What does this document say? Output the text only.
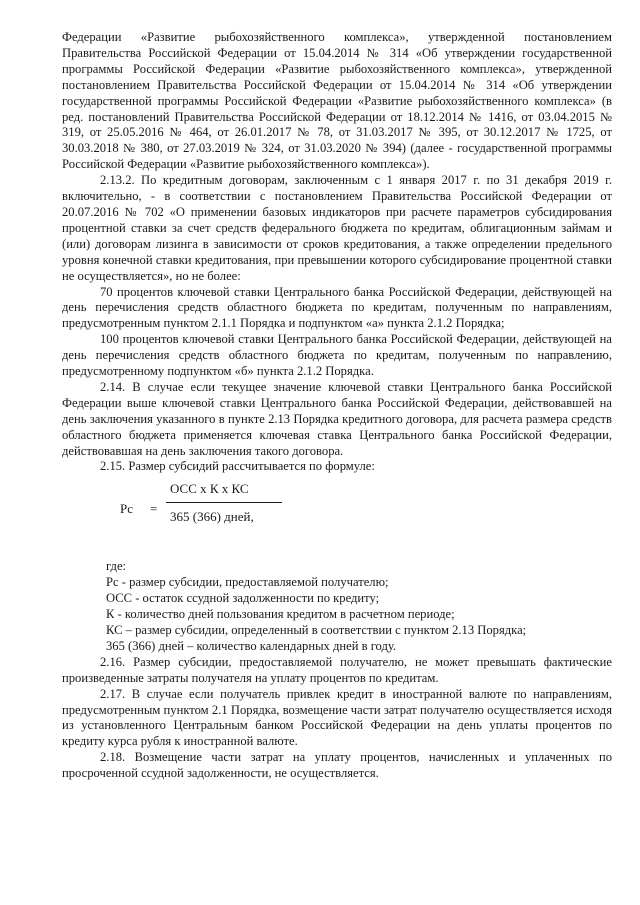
Федерации «Развитие рыбохозяйственного комплекса», утвержденной постановлением Правительства Российской Федерации от 15.04.2014 № 314 «Об утверждении государственной программы Российской Федерации «Развитие рыбохозяйственного комплекса», утвержденной постановлением Правительства Российской Федерации от 15.04.2014 № 314 «Об утверждении государственной программы Российской Федерации «Развитие рыбохозяйственного комплекса» (в ред. постановлений Правительства Российской Федерации от 18.12.2014 № 1416, от 03.04.2015 № 319, от 25.05.2016 № 464, от 26.01.2017 № 78, от 31.03.2017 № 395, от 30.12.2017 № 1725, от 30.03.2018 № 380, от 27.03.2019 № 324, от 31.03.2020 № 394) (далее - государственной программы Российской Федерации «Развитие рыбохозяйственного комплекса»).

2.13.2. По кредитным договорам, заключенным с 1 января 2017 г. по 31 декабря 2019 г. включительно, - в соответствии с постановлением Правительства Российской Федерации от 20.07.2016 № 702 «О применении базовых индикаторов при расчете параметров субсидирования процентной ставки за счет средств федерального бюджета по кредитам, облигационным займам и (или) договорам лизинга в зависимости от сроков кредитования, а также определении предельного уровня конечной ставки кредитования, при превышении которого субсидирование процентной ставки не осуществляется», но не более:

70 процентов ключевой ставки Центрального банка Российской Федерации, действующей на день перечисления средств областного бюджета по кредитам, полученным по направлениям, предусмотренным пунктом 2.1.1 Порядка и подпунктом «а» пункта 2.1.2 Порядка;

100 процентов ключевой ставки Центрального банка Российской Федерации, действующей на день перечисления средств областного бюджета по кредитам, полученным по направлению, предусмотренному подпунктом «б» пункта 2.1.2 Порядка.

2.14. В случае если текущее значение ключевой ставки Центрального банка Российской Федерации выше ключевой ставки Центрального банка Российской Федерации, действовавшей на день заключения указанного в пункте 2.13 Порядка кредитного договора, для расчета размера средств областного бюджета применяется ключевая ставка Центрального банка Российской Федерации, действовавшая на день заключения такого договора.

2.15. Размер субсидий рассчитывается по формуле:

Рс =
ОСС х К х КС
365 (366) дней,

где:

Рс - размер субсидии, предоставляемой получателю;

ОСС - остаток ссудной задолженности по кредиту;

К - количество дней пользования кредитом в расчетном периоде;

КС – размер субсидии, определенный в соответствии с пунктом 2.13 Порядка;

365 (366) дней – количество календарных дней в году.

2.16. Размер субсидии, предоставляемой получателю, не может превышать фактические произведенные затраты получателя на уплату процентов по кредитам.

2.17. В случае если получатель привлек кредит в иностранной валюте по направлениям, предусмотренным пунктом 2.1 Порядка, возмещение части затрат получателю осуществляется исходя из установленного Центральным банком Российской Федерации на день уплаты процентов по кредиту курса рубля к иностранной валюте.

2.18. Возмещение части затрат на уплату процентов, начисленных и уплаченных по просроченной ссудной задолженности, не осуществляется.
